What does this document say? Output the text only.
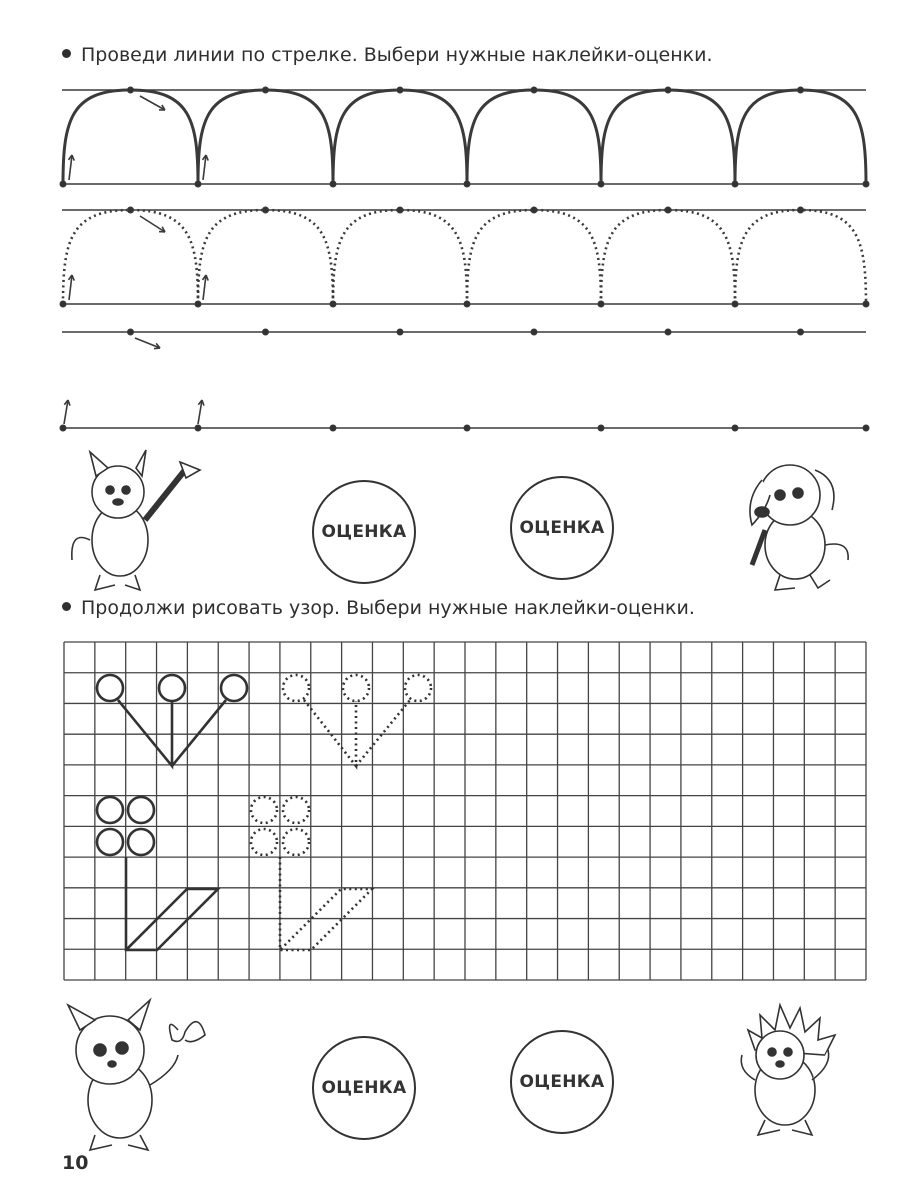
Проведи линии по стрелке. Выбери нужные наклейки-оценки.
ОЦЕНКА	ОЦЕНКА
Продолжи рисовать узор. Выбери нужные наклейки-оценки.
ОЦЕНКА	ОЦЕНКА
10
